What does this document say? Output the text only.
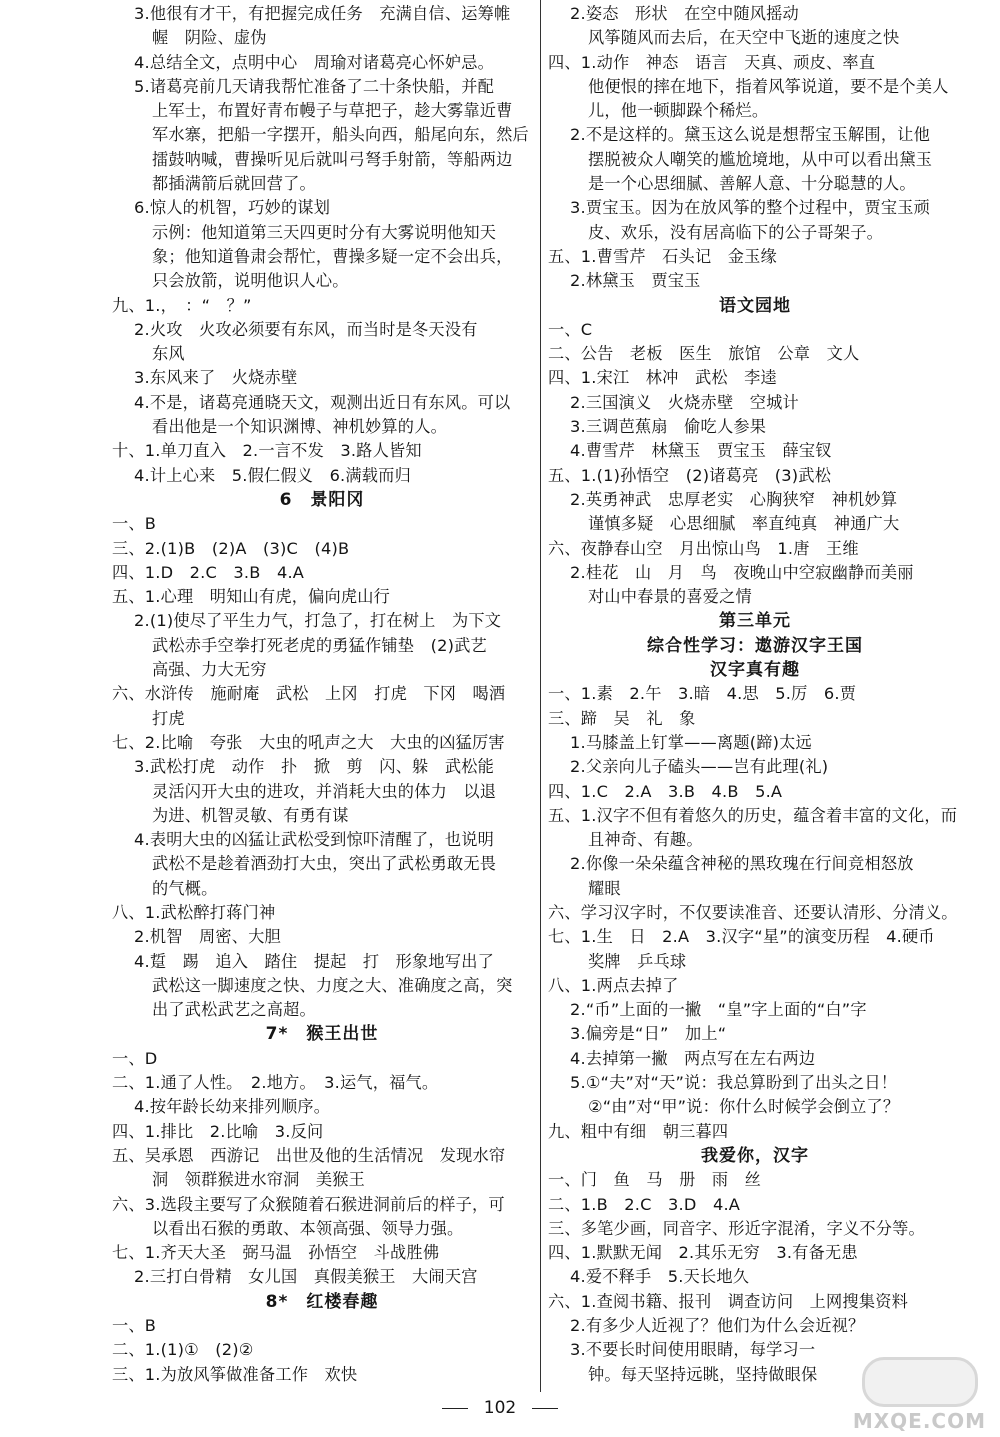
3.他很有才干，有把握完成任务　充满自信、运筹帷
幄　阴险、虚伪
4.总结全文，点明中心　周瑜对诸葛亮心怀妒忌。
5.诸葛亮前几天请我帮忙准备了二十条快船，并配
上军士，布置好青布幔子与草把子，趁大雾靠近曹
军水寨，把船一字摆开，船头向西，船尾向东，然后
擂鼓呐喊，曹操听见后就叫弓弩手射箭，等船两边
都插满箭后就回营了。
6.惊人的机智，巧妙的谋划
示例：他知道第三天四更时分有大雾说明他知天
象；他知道鲁肃会帮忙，曹操多疑一定不会出兵，
只会放箭，说明他识人心。
九、1.，　：“　？”
2.火攻　火攻必须要有东风，而当时是冬天没有
东风
3.东风来了　火烧赤壁
4.不是，诸葛亮通晓天文，观测出近日有东风。可以
看出他是一个知识渊博、神机妙算的人。
十、1.单刀直入　2.一言不发　3.路人皆知
4.计上心来　5.假仁假义　6.满载而归
6　景阳冈
一、B
三、2.(1)B　(2)A　(3)C　(4)B
四、1.D　2.C　3.B　4.A
五、1.心理　明知山有虎，偏向虎山行
2.(1)使尽了平生力气，打急了，打在树上　为下文
武松赤手空拳打死老虎的勇猛作铺垫　(2)武艺
高强、力大无穷
六、水浒传　施耐庵　武松　上冈　打虎　下冈　喝酒
打虎
七、2.比喻　夸张　大虫的吼声之大　大虫的凶猛厉害
3.武松打虎　动作　扑　掀　剪　闪、躲　武松能
灵活闪开大虫的进攻，并消耗大虫的体力　以退
为进、机智灵敏、有勇有谋
4.表明大虫的凶猛让武松受到惊吓清醒了，也说明
武松不是趁着酒劲打大虫，突出了武松勇敢无畏
的气概。
八、1.武松醉打蒋门神
2.机智　周密、大胆
4.踅　踢　追入　踏住　提起　打　形象地写出了
武松这一脚速度之快、力度之大、准确度之高，突
出了武松武艺之高超。
7*　猴王出世
一、D
二、1.通了人性。　2.地方。　3.运气，福气。
4.按年龄长幼来排列顺序。
四、1.排比　2.比喻　3.反问
五、吴承恩　西游记　出世及他的生活情况　发现水帘
洞　领群猴进水帘洞　美猴王
六、3.选段主要写了众猴随着石猴进洞前后的样子，可
以看出石猴的勇敢、本领高强、领导力强。
七、1.齐天大圣　弼马温　孙悟空　斗战胜佛
2.三打白骨精　女儿国　真假美猴王　大闹天宫
8*　红楼春趣
一、B
二、1.(1)①　(2)②
三、1.为放风筝做准备工作　欢快
2.姿态　形状　在空中随风摇动
风筝随风而去后，在天空中飞逝的速度之快
四、1.动作　神态　语言　天真、顽皮、率直
他便恨的摔在地下，指着风筝说道，要不是个美人
儿，他一顿脚跺个稀烂。
2.不是这样的。黛玉这么说是想帮宝玉解围，让他
摆脱被众人嘲笑的尴尬境地，从中可以看出黛玉
是一个心思细腻、善解人意、十分聪慧的人。
3.贾宝玉。因为在放风筝的整个过程中，贾宝玉顽
皮、欢乐，没有居高临下的公子哥架子。
五、1.曹雪芹　石头记　金玉缘
2.林黛玉　贾宝玉
语文园地
一、C
二、公告　老板　医生　旅馆　公章　文人
四、1.宋江　林冲　武松　李逵
2.三国演义　火烧赤壁　空城计
3.三调芭蕉扇　偷吃人参果
4.曹雪芹　林黛玉　贾宝玉　薛宝钗
五、1.(1)孙悟空　(2)诸葛亮　(3)武松
2.英勇神武　忠厚老实　心胸狭窄　神机妙算
谨慎多疑　心思细腻　率直纯真　神通广大
六、夜静春山空　月出惊山鸟　1.唐　王维
2.桂花　山　月　鸟　夜晚山中空寂幽静而美丽
对山中春景的喜爱之情
第三单元
综合性学习：遨游汉字王国
汉字真有趣
一、1.素　2.午　3.暗　4.思　5.厉　6.贾
三、蹄　吴　礼　象
1.马膝盖上钉掌——离题(蹄)太远
2.父亲向儿子磕头——岂有此理(礼)
四、1.C　2.A　3.B　4.B　5.A
五、1.汉字不但有着悠久的历史，蕴含着丰富的文化，而
且神奇、有趣。
2.你像一朵朵蕴含神秘的黑玫瑰在行间竞相怒放
耀眼
六、学习汉字时，不仅要读准音、还要认清形、分清义。
七、1.生　日　2.A　3.汉字“星”的演变历程　4.硬币
奖牌　乒乓球
八、1.两点去掉了
2.“币”上面的一撇　“皇”字上面的“白”字
3.偏旁是“日”　加上“
4.去掉第一撇　两点写在左右两边
5.①“夫”对“天”说：我总算盼到了出头之日！
②“由”对“甲”说：你什么时候学会倒立了？
九、粗中有细　朝三暮四
我爱你，汉字
一、门　鱼　马　册　雨　丝
二、1.B　2.C　3.D　4.A
三、多笔少画，同音字、形近字混淆，字义不分等。
四、1.默默无闻　2.其乐无穷　3.有备无患
4.爱不释手　5.天长地久
六、1.查阅书籍、报刊　调查访问　上网搜集资料
2.有多少人近视了？他们为什么会近视？
3.不要长时间使用眼睛，每学习一
钟。每天坚持远眺，坚持做眼保
102
MXQE.COM
